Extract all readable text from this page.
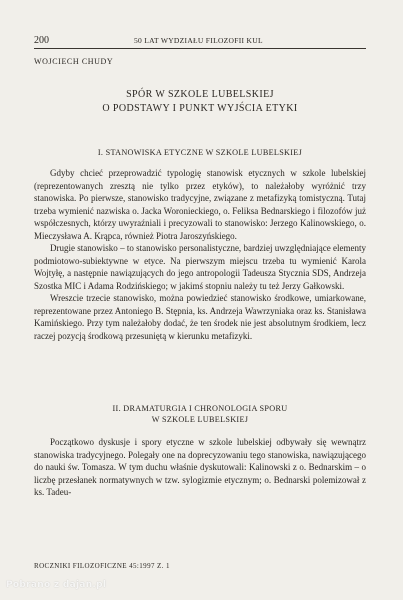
200	50 LAT WYDZIAŁU FILOZOFII KUL
WOJCIECH CHUDY
SPÓR W SZKOLE LUBELSKIEJ
O PODSTAWY I PUNKT WYJŚCIA ETYKI
I. STANOWISKA ETYCZNE W SZKOLE LUBELSKIEJ

Gdyby chcieć przeprowadzić typologię stanowisk etycznych w szkole lubelskiej (reprezentowanych zresztą nie tylko przez etyków), to należałoby wyróżnić trzy stanowiska. Po pierwsze, stanowisko tradycyjne, związane z metafizyką tomistyczną. Tutaj trzeba wymienić nazwiska o. Jacka Woronieckiego, o. Feliksa Bednarskiego i filozofów już współczesnych, którzy uwyraźniali i precyzowali to stanowisko: Jerzego Kalinowskiego, o. Mieczysława A. Krąpca, również Piotra Jaroszyńskiego.

Drugie stanowisko – to stanowisko personalistyczne, bardziej uwzględniające elementy podmiotowo-subiektywne w etyce. Na pierwszym miejscu trzeba tu wymienić Karola Wojtyłę, a następnie nawiązujących do jego antropologii Tadeusza Stycznia SDS, Andrzeja Szostka MIC i Adama Rodzińskiego; w jakimś stopniu należy tu też Jerzy Gałkowski.

Wreszcie trzecie stanowisko, można powiedzieć stanowisko środkowe, umiarkowane, reprezentowane przez Antoniego B. Stępnia, ks. Andrzeja Wawrzyniaka oraz ks. Stanisława Kamińskiego. Przy tym należałoby dodać, że ten środek nie jest absolutnym środkiem, lecz raczej pozycją środkową przesuniętą w kierunku metafizyki.

II. DRAMATURGIA I CHRONOLOGIA SPORU
W SZKOLE LUBELSKIEJ

Początkowo dyskusje i spory etyczne w szkole lubelskiej odbywały się wewnątrz stanowiska tradycyjnego. Polegały one na doprecyzowaniu tego stanowiska, nawiązującego do nauki św. Tomasza. W tym duchu właśnie dyskutowali: Kalinowski z o. Bednarskim – o liczbę przesłanek normatywnych w tzw. sylogizmie etycznym; o. Bednarski polemizował z ks. Tadeu-

ROCZNIKI FILOZOFICZNE 45:1997 Z. 1
Pobrano z dajan.pl
